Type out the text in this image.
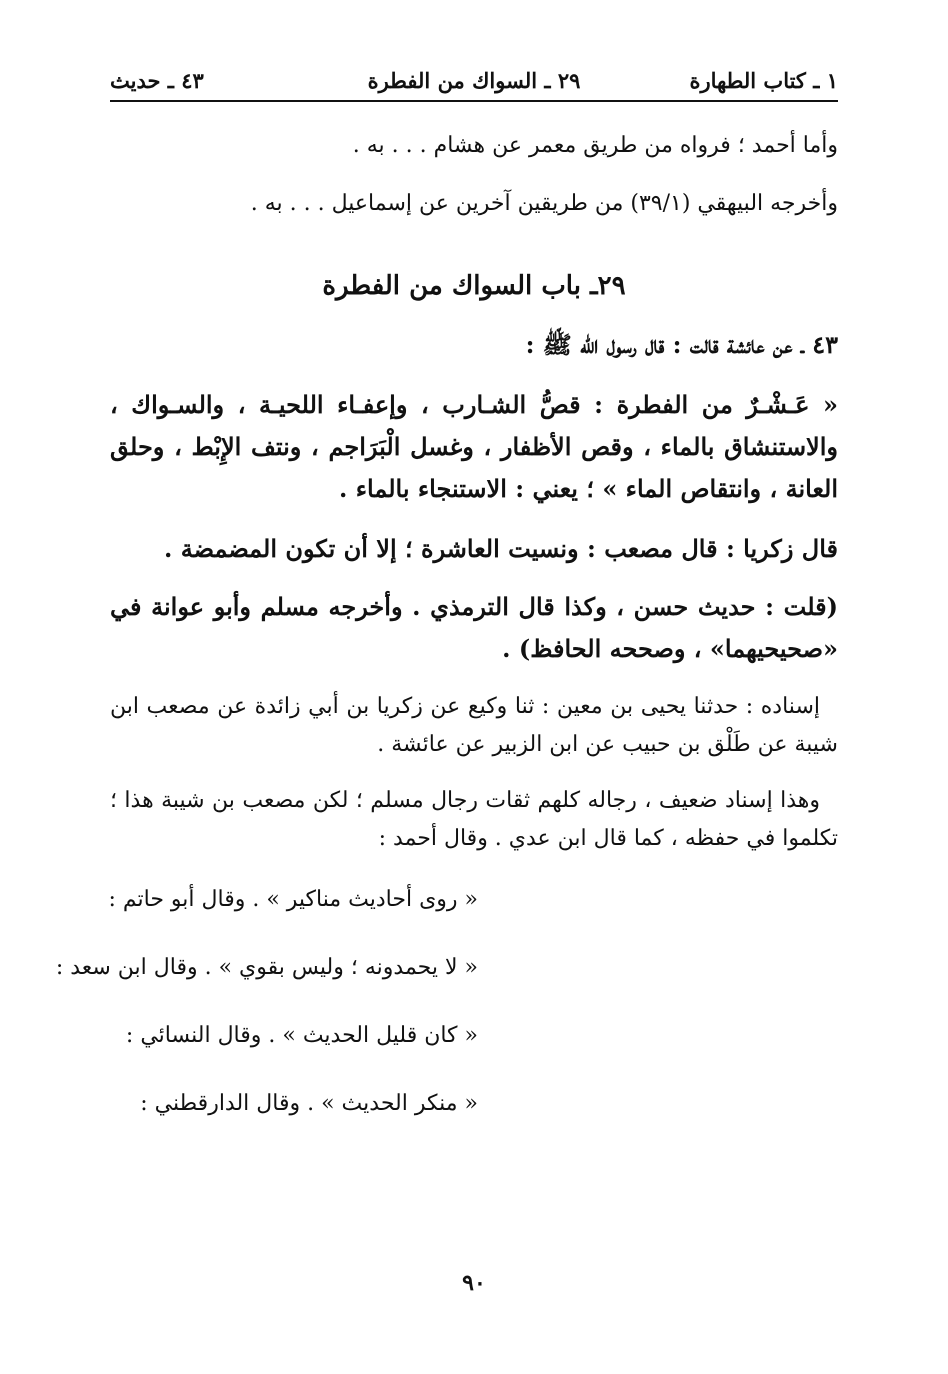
١ ـ كتاب الطهارة
٢٩ ـ السواك من الفطرة
٤٣ ـ حديث

وأما أحمد ؛ فرواه من طريق معمر عن هشام . . . به .

وأخرجه البيهقي (٣٩/١) من طريقين آخرين عن إسماعيل . . . به .

٢٩ـ باب السواك من الفطرة

٤٣ ـ عن عائشة قالت : قال رسول الله ﷺ :

« عَـشْـرٌ من الفطرة : قصُّ الشـارب ، وإعفـاء اللحيـة ، والسـواك ، والاستنشاق بالماء ، وقص الأظفار ، وغسل الْبَرَاجم ، ونتف الإِبْط ، وحلق العانة ، وانتقاص الماء » ؛ يعني : الاستنجاء بالماء .

قال زكريا : قال مصعب : ونسيت العاشرة ؛ إلا أن تكون المضمضة .

(قلت : حديث حسن ، وكذا قال الترمذي . وأخرجه مسلم وأبو عوانة في «صحيحيهما» ، وصححه الحافظ) .

إسناده : حدثنا يحيى بن معين : ثنا وكيع عن زكريا بن أبي زائدة عن مصعب ابن شيبة عن طَلْق بن حبيب عن ابن الزبير عن عائشة .

وهذا إسناد ضعيف ، رجاله كلهم ثقات رجال مسلم ؛ لكن مصعب بن شيبة هذا ؛ تكلموا في حفظه ، كما قال ابن عدي . وقال أحمد :

« روى أحاديث مناكير » . وقال أبو حاتم :
« لا يحمدونه ؛ وليس بقوي » . وقال ابن سعد :
« كان قليل الحديث » . وقال النسائي :
« منكر الحديث » . وقال الدارقطني :
٩٠
